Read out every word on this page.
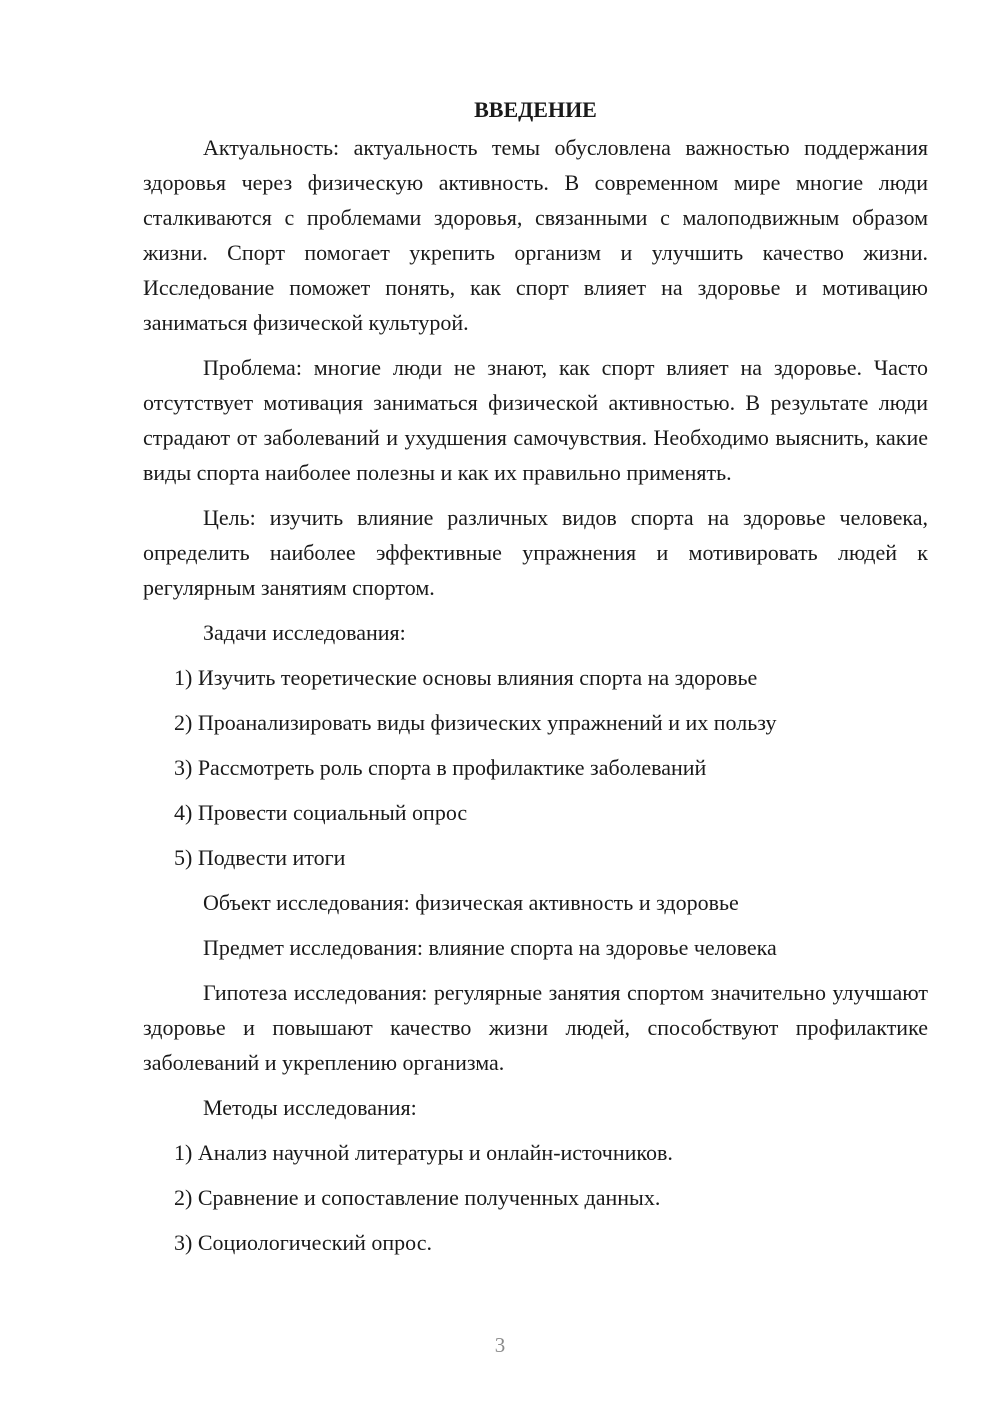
ВВЕДЕНИЕ

Актуальность: актуальность темы обусловлена важностью поддержания здоровья через физическую активность. В современном мире многие люди сталкиваются с проблемами здоровья, связанными с малоподвижным образом жизни. Спорт помогает укрепить организм и улучшить качество жизни. Исследование поможет понять, как спорт влияет на здоровье и мотивацию заниматься физической культурой.

Проблема: многие люди не знают, как спорт влияет на здоровье. Часто отсутствует мотивация заниматься физической активностью. В результате люди страдают от заболеваний и ухудшения самочувствия. Необходимо выяснить, какие виды спорта наиболее полезны и как их правильно применять.

Цель: изучить влияние различных видов спорта на здоровье человека, определить наиболее эффективные упражнения и мотивировать людей к регулярным занятиям спортом.

Задачи исследования:

1) Изучить теоретические основы влияния спорта на здоровье
2) Проанализировать виды физических упражнений и их пользу
3) Рассмотреть роль спорта в профилактике заболеваний
4) Провести социальный опрос
5) Подвести итоги

Объект исследования: физическая активность и здоровье

Предмет исследования: влияние спорта на здоровье человека

Гипотеза исследования: регулярные занятия спортом значительно улучшают здоровье и повышают качество жизни людей, способствуют профилактике заболеваний и укреплению организма.

Методы исследования:

1) Анализ научной литературы и онлайн-источников.
2) Сравнение и сопоставление полученных данных.
3) Социологический опрос.
3
